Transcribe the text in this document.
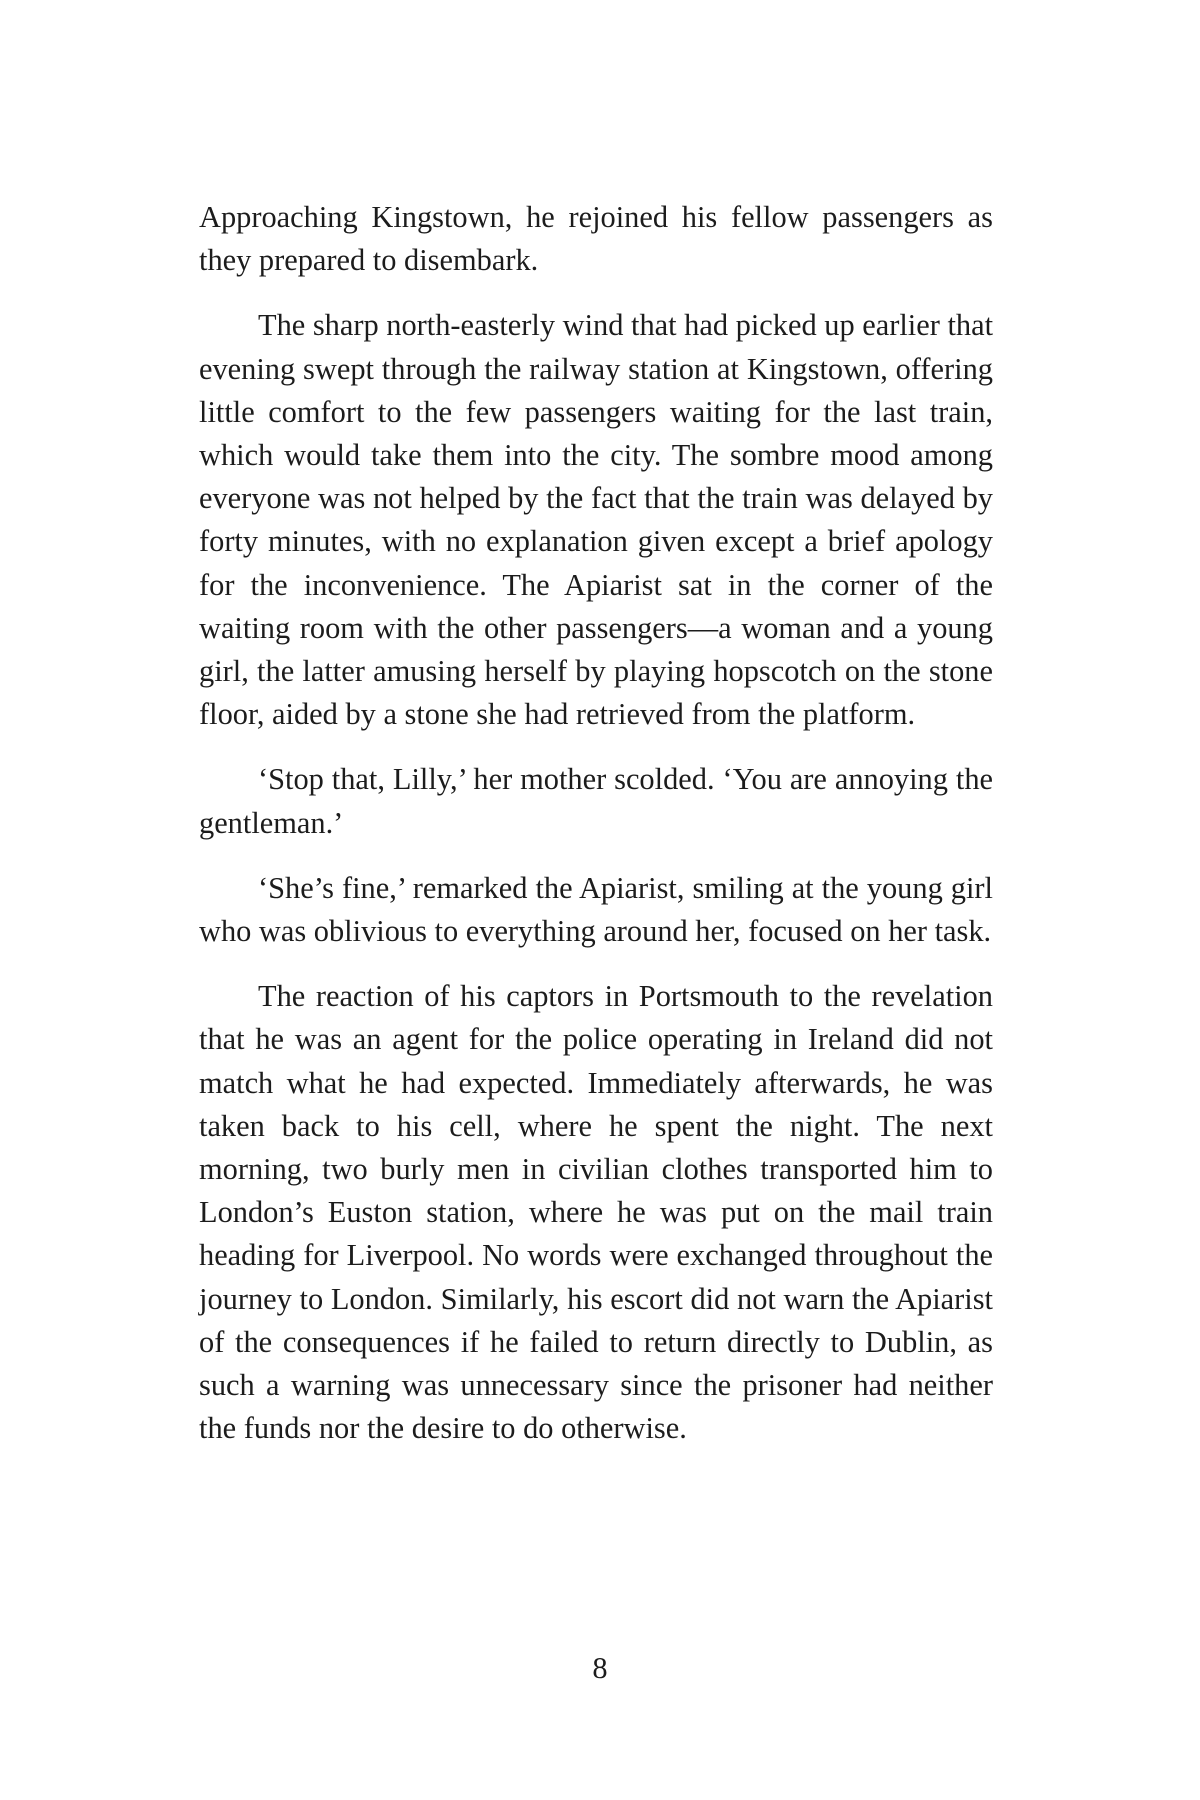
Approaching Kingstown, he rejoined his fellow passengers as they prepared to disembark.

The sharp north-easterly wind that had picked up earlier that evening swept through the railway station at Kingstown, offering little comfort to the few passengers waiting for the last train, which would take them into the city. The sombre mood among everyone was not helped by the fact that the train was delayed by forty minutes, with no explanation given except a brief apology for the inconvenience. The Apiarist sat in the corner of the waiting room with the other passengers—a woman and a young girl, the latter amusing herself by playing hopscotch on the stone floor, aided by a stone she had retrieved from the platform.

‘Stop that, Lilly,’ her mother scolded. ‘You are annoying the gentleman.’

‘She’s fine,’ remarked the Apiarist, smiling at the young girl who was oblivious to everything around her, focused on her task.

The reaction of his captors in Portsmouth to the revelation that he was an agent for the police operating in Ireland did not match what he had expected. Immediately afterwards, he was taken back to his cell, where he spent the night. The next morning, two burly men in civilian clothes transported him to London’s Euston station, where he was put on the mail train heading for Liverpool. No words were exchanged throughout the journey to London. Similarly, his escort did not warn the Apiarist of the consequences if he failed to return directly to Dublin, as such a warning was unnecessary since the prisoner had neither the funds nor the desire to do otherwise.

8
